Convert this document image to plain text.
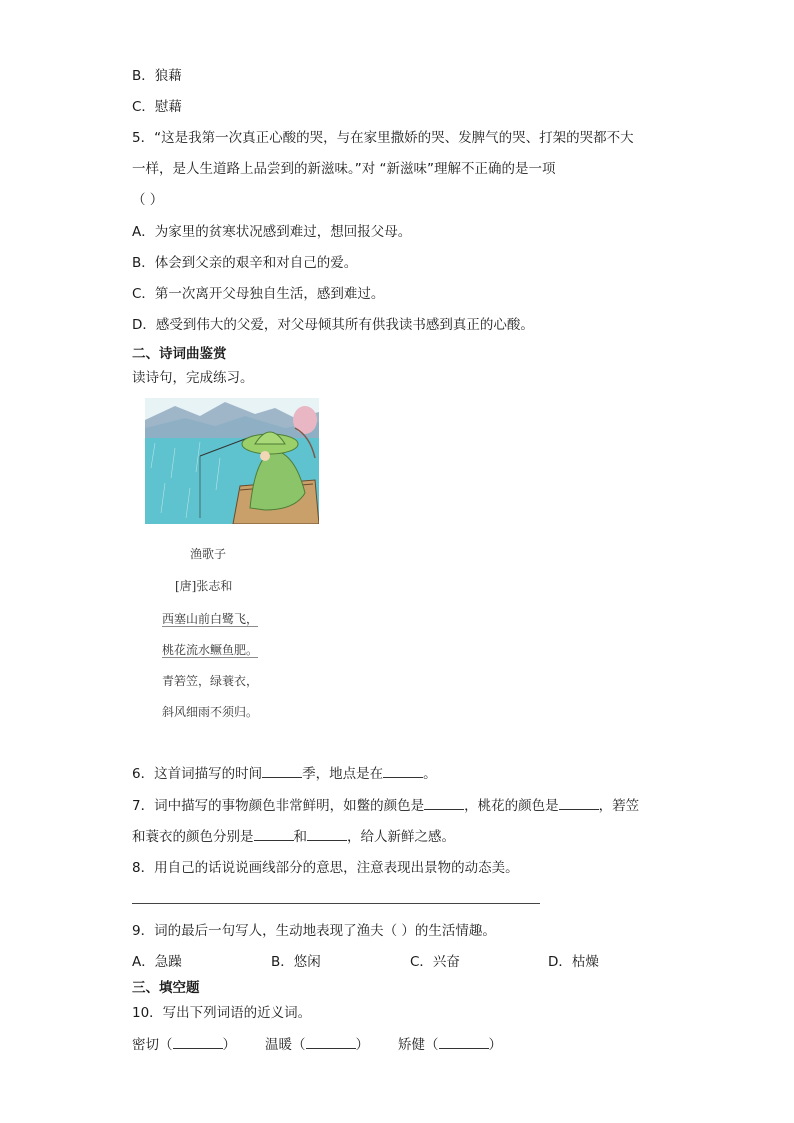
B．狼藉
C．慰藉
5．“这是我第一次真正心酸的哭，与在家里撒娇的哭、发脾气的哭、打架的哭都不大
一样，是人生道路上品尝到的新滋味。”对 “新滋味”理解不正确的是一项
（ ）
A．为家里的贫寒状况感到难过，想回报父母。
B．体会到父亲的艰辛和对自己的爱。
C．第一次离开父母独自生活，感到难过。
D．感受到伟大的父爱，对父母倾其所有供我读书感到真正的心酸。
二、诗词曲鉴赏
读诗句，完成练习。
渔歌子
[唐]张志和
西塞山前白鹭飞，
桃花流水鳜鱼肥。
青箬笠，绿蓑衣，
斜风细雨不须归。
6．这首词描写的时间	季，地点是在	。
7．词中描写的事物颜色非常鲜明，如鳖的颜色是	，桃花的颜色是	，箬笠
和蓑衣的颜色分别是	和	，给人新鲜之感。
8．用自己的话说说画线部分的意思，注意表现出景物的动态美。
9．词的最后一句写人，生动地表现了渔夫（ ）的生活情趣。
A．急躁	B．悠闲	C．兴奋	D．枯燥
三、填空题
10．写出下列词语的近义词。
密切（	） 温暖（	） 矫健（	）
